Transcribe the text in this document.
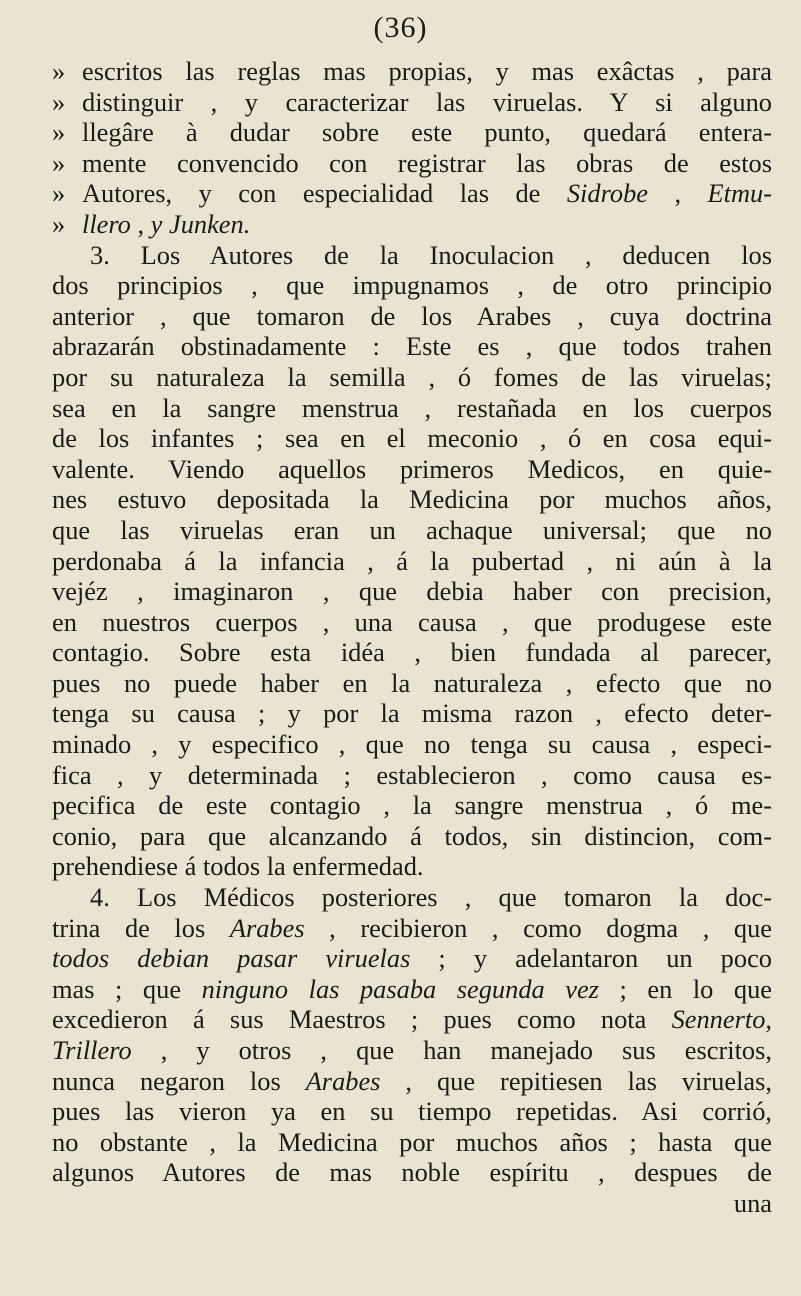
(36)
» escritos las reglas mas propias, y mas exâctas , para
» distinguir , y caracterizar las viruelas. Y si alguno
» llegâre à dudar sobre este punto, quedará entera-
» mente convencido con registrar las obras de estos
» Autores, y con especialidad las de Sidrobe , Etmu-
» llero , y Junken.
3. Los Autores de la Inoculacion , deducen los
dos principios , que impugnamos , de otro principio
anterior , que tomaron de los Arabes , cuya doctrina
abrazarán obstinadamente : Este es , que todos trahen
por su naturaleza la semilla , ó fomes de las viruelas;
sea en la sangre menstrua , restañada en los cuerpos
de los infantes ; sea en el meconio , ó en cosa equi-
valente. Viendo aquellos primeros Medicos, en quie-
nes estuvo depositada la Medicina por muchos años,
que las viruelas eran un achaque universal; que no
perdonaba á la infancia , á la pubertad , ni aún à la
vejéz , imaginaron , que debia haber con precision,
en nuestros cuerpos , una causa , que produgese este
contagio. Sobre esta idéa , bien fundada al parecer,
pues no puede haber en la naturaleza , efecto que no
tenga su causa ; y por la misma razon , efecto deter-
minado , y especifico , que no tenga su causa , especi-
fica , y determinada ; establecieron , como causa es-
pecifica de este contagio , la sangre menstrua , ó me-
conio, para que alcanzando á todos, sin distincion, com-
prehendiese á todos la enfermedad.
4. Los Médicos posteriores , que tomaron la doc-
trina de los Arabes , recibieron , como dogma , que
todos debian pasar viruelas ; y adelantaron un poco
mas ; que ninguno las pasaba segunda vez ; en lo que
excedieron á sus Maestros ; pues como nota Sennerto,
Trillero , y otros , que han manejado sus escritos,
nunca negaron los Arabes , que repitiesen las viruelas,
pues las vieron ya en su tiempo repetidas. Asi corrió,
no obstante , la Medicina por muchos años ; hasta que
algunos Autores de mas noble espíritu , despues de
una
